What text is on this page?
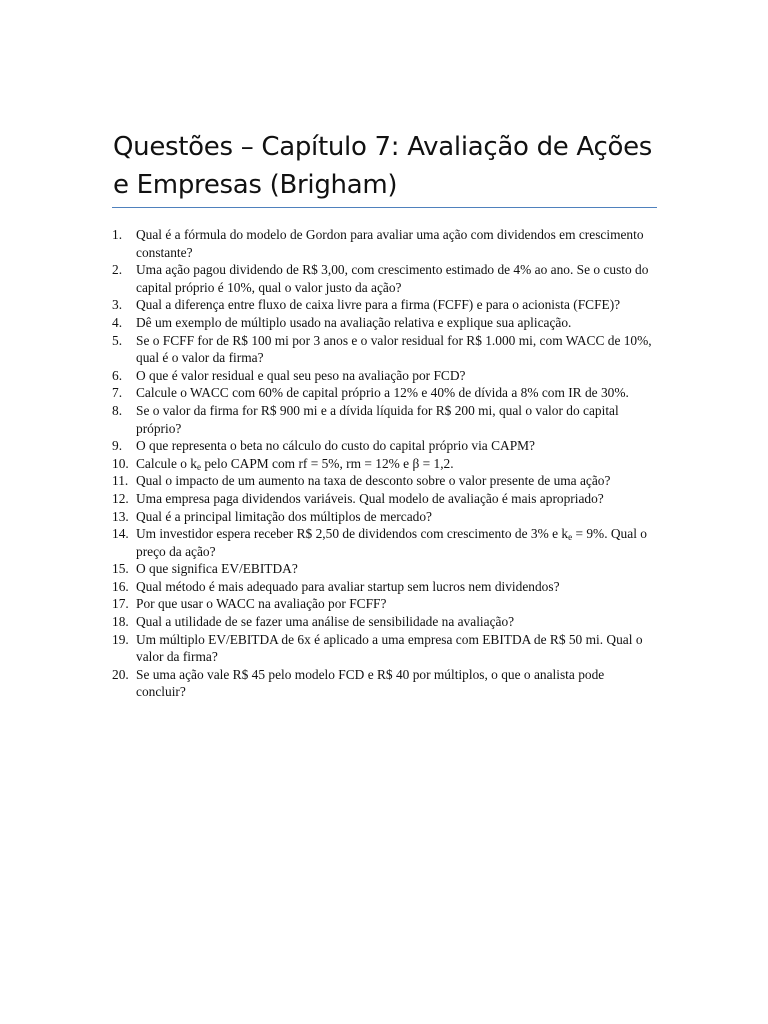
Questões – Capítulo 7: Avaliação de Ações e Empresas (Brigham)
1. Qual é a fórmula do modelo de Gordon para avaliar uma ação com dividendos em crescimento constante?
2. Uma ação pagou dividendo de R$ 3,00, com crescimento estimado de 4% ao ano. Se o custo do capital próprio é 10%, qual o valor justo da ação?
3. Qual a diferença entre fluxo de caixa livre para a firma (FCFF) e para o acionista (FCFE)?
4. Dê um exemplo de múltiplo usado na avaliação relativa e explique sua aplicação.
5. Se o FCFF for de R$ 100 mi por 3 anos e o valor residual for R$ 1.000 mi, com WACC de 10%, qual é o valor da firma?
6. O que é valor residual e qual seu peso na avaliação por FCD?
7. Calcule o WACC com 60% de capital próprio a 12% e 40% de dívida a 8% com IR de 30%.
8. Se o valor da firma for R$ 900 mi e a dívida líquida for R$ 200 mi, qual o valor do capital próprio?
9. O que representa o beta no cálculo do custo do capital próprio via CAPM?
10. Calcule o $k_e$ pelo CAPM com rf = 5%, rm = 12% e β = 1,2.
11. Qual o impacto de um aumento na taxa de desconto sobre o valor presente de uma ação?
12. Uma empresa paga dividendos variáveis. Qual modelo de avaliação é mais apropriado?
13. Qual é a principal limitação dos múltiplos de mercado?
14. Um investidor espera receber R$ 2,50 de dividendos com crescimento de 3% e $k_e = 9\%$. Qual o preço da ação?
15. O que significa EV/EBITDA?
16. Qual método é mais adequado para avaliar startup sem lucros nem dividendos?
17. Por que usar o WACC na avaliação por FCFF?
18. Qual a utilidade de se fazer uma análise de sensibilidade na avaliação?
19. Um múltiplo EV/EBITDA de 6x é aplicado a uma empresa com EBITDA de R$ 50 mi. Qual o valor da firma?
20. Se uma ação vale R$ 45 pelo modelo FCD e R$ 40 por múltiplos, o que o analista pode concluir?
